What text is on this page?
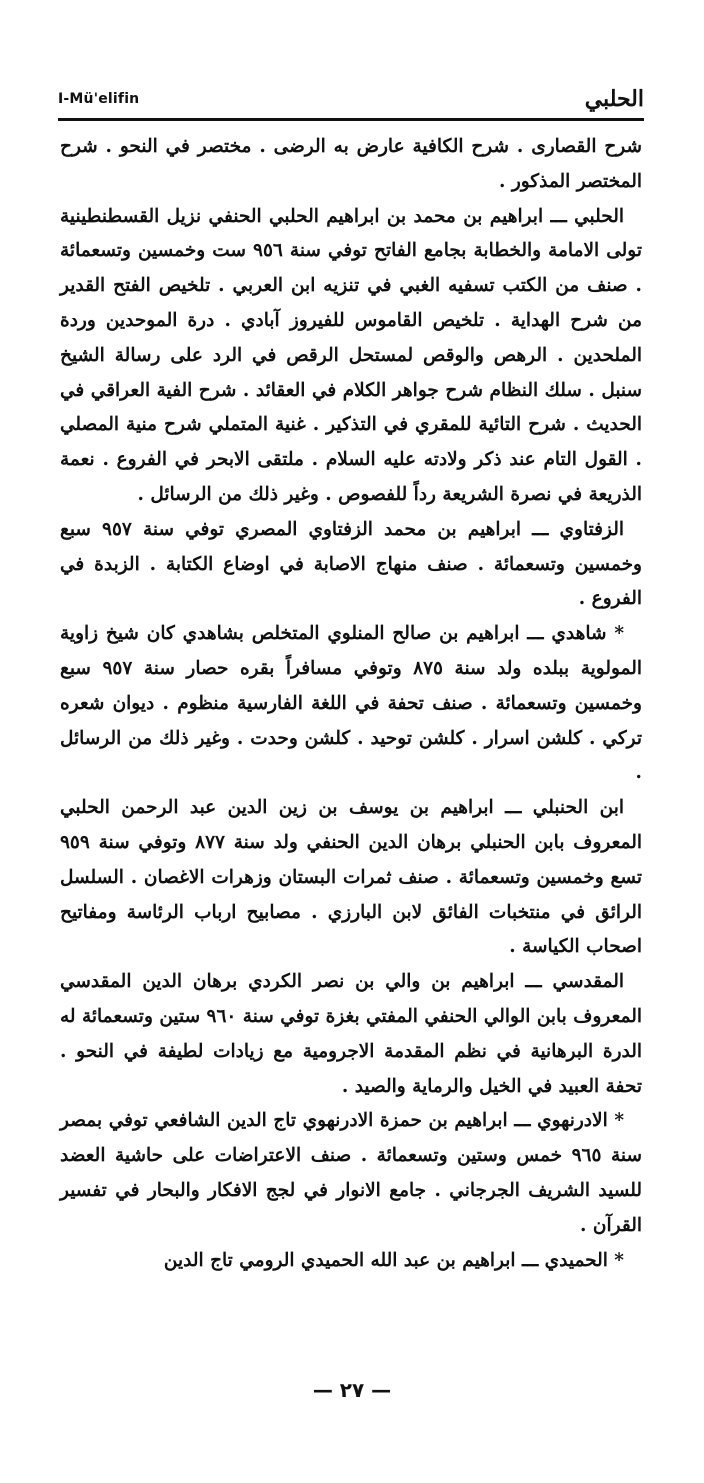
I-Mü'elifin	الحلبي

شرح القصارى . شرح الكافية عارض به الرضى . مختصر في النحو . شرح المختصر المذكور .

الحلبي ـــ ابراهيم بن محمد بن ابراهيم الحلبي الحنفي نزيل القسطنطينية تولى الامامة والخطابة بجامع الفاتح توفي سنة ٩٥٦ ست وخمسين وتسعمائة . صنف من الكتب تسفيه الغبي في تنزيه ابن العربي . تلخيص الفتح القدير من شرح الهداية . تلخيص القاموس للفيروز آبادي . درة الموحدين وردة الملحدين . الرهص والوقص لمستحل الرقص في الرد على رسالة الشيخ سنبل . سلك النظام شرح جواهر الكلام في العقائد . شرح الفية العراقي في الحديث . شرح التائية للمقري في التذكير . غنية المتملي شرح منية المصلي . القول التام عند ذكر ولادته عليه السلام . ملتقى الابحر في الفروع . نعمة الذريعة في نصرة الشريعة رداً للفصوص . وغير ذلك من الرسائل .

الزفتاوي ـــ ابراهيم بن محمد الزفتاوي المصري توفي سنة ٩٥٧ سبع وخمسين وتسعمائة . صنف منهاج الاصابة في اوضاع الكتابة . الزبدة في الفروع .

* شاهدي ـــ ابراهيم بن صالح المنلوي المتخلص بشاهدي كان شيخ زاوية المولوية ببلده ولد سنة ٨٧٥ وتوفي مسافراً بقره حصار سنة ٩٥٧ سبع وخمسين وتسعمائة . صنف تحفة في اللغة الفارسية منظوم . ديوان شعره تركي . كلشن اسرار . كلشن توحيد . كلشن وحدت . وغير ذلك من الرسائل .

ابن الحنبلي ـــ ابراهيم بن يوسف بن زين الدين عبد الرحمن الحلبي المعروف بابن الحنبلي برهان الدين الحنفي ولد سنة ٨٧٧ وتوفي سنة ٩٥٩ تسع وخمسين وتسعمائة . صنف ثمرات البستان وزهرات الاغصان . السلسل الرائق في منتخبات الفائق لابن البارزي . مصابيح ارباب الرئاسة ومفاتيح اصحاب الكياسة .

المقدسي ـــ ابراهيم بن والي بن نصر الكردي برهان الدين المقدسي المعروف بابن الوالي الحنفي المفتي بغزة توفي سنة ٩٦٠ ستين وتسعمائة له الدرة البرهانية في نظم المقدمة الاجرومية مع زيادات لطيفة في النحو . تحفة العبيد في الخيل والرماية والصيد .

* الادرنهوي ـــ ابراهيم بن حمزة الادرنهوي تاج الدين الشافعي توفي بمصر سنة ٩٦٥ خمس وستين وتسعمائة . صنف الاعتراضات على حاشية العضد للسيد الشريف الجرجاني . جامع الانوار في لجج الافكار والبحار في تفسير القرآن .

* الحميدي ـــ ابراهيم بن عبد الله الحميدي الرومي تاج الدين

— ٢٧ —
